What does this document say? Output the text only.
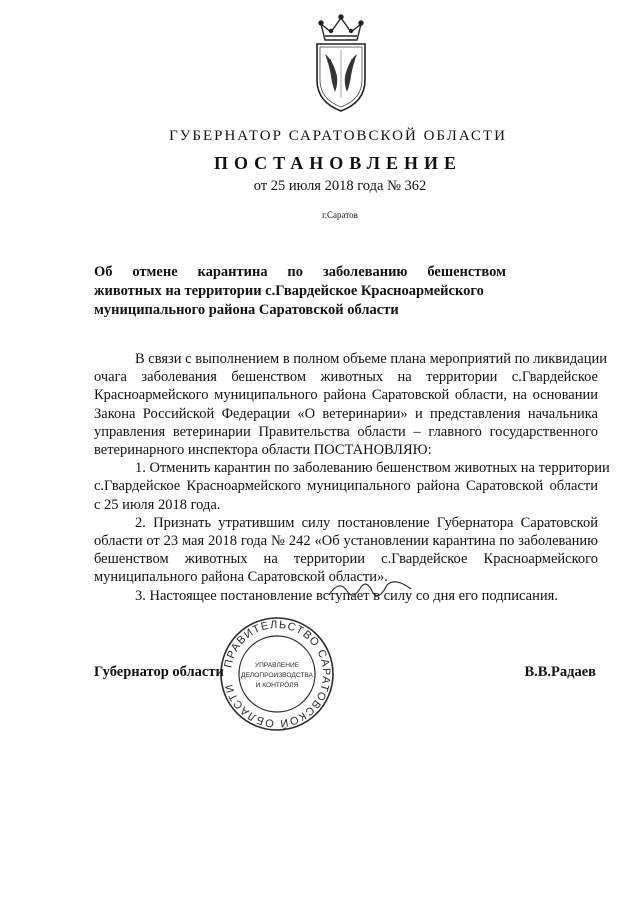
ГУБЕРНАТОР САРАТОВСКОЙ ОБЛАСТИ
ПОСТАНОВЛЕНИЕ
от 25 июля 2018 года № 362
г.Саратов
Об отмене карантина по заболеванию бешенством
животных на территории с.Гвардейское Красноармейского
муниципального района Саратовской области
В связи с выполнением в полном объеме плана мероприятий по ликвидации
очага заболевания бешенством животных на территории с.Гвардейское
Красноармейского муниципального района Саратовской области, на основании
Закона Российской Федерации «О ветеринарии» и представления начальника
управления ветеринарии Правительства области – главного государственного
ветеринарного инспектора области ПОСТАНОВЛЯЮ:
1. Отменить карантин по заболеванию бешенством животных на территории
с.Гвардейское Красноармейского муниципального района Саратовской области
с 25 июля 2018 года.
2. Признать утратившим силу постановление Губернатора Саратовской
области от 23 мая 2018 года № 242 «Об установлении карантина по заболеванию
бешенством животных на территории с.Гвардейское Красноармейского
муниципального района Саратовской области».
3. Настоящее постановление вступает в силу со дня его подписания.
ПРАВИТЕЛЬСТВО САРАТОВСКОЙ ОБЛАСТИ
УПРАВЛЕНИЕ
ДЕЛОПРОИЗВОДСТВА
И КОНТРОЛЯ
Губернатор области	В.В.Радаев
